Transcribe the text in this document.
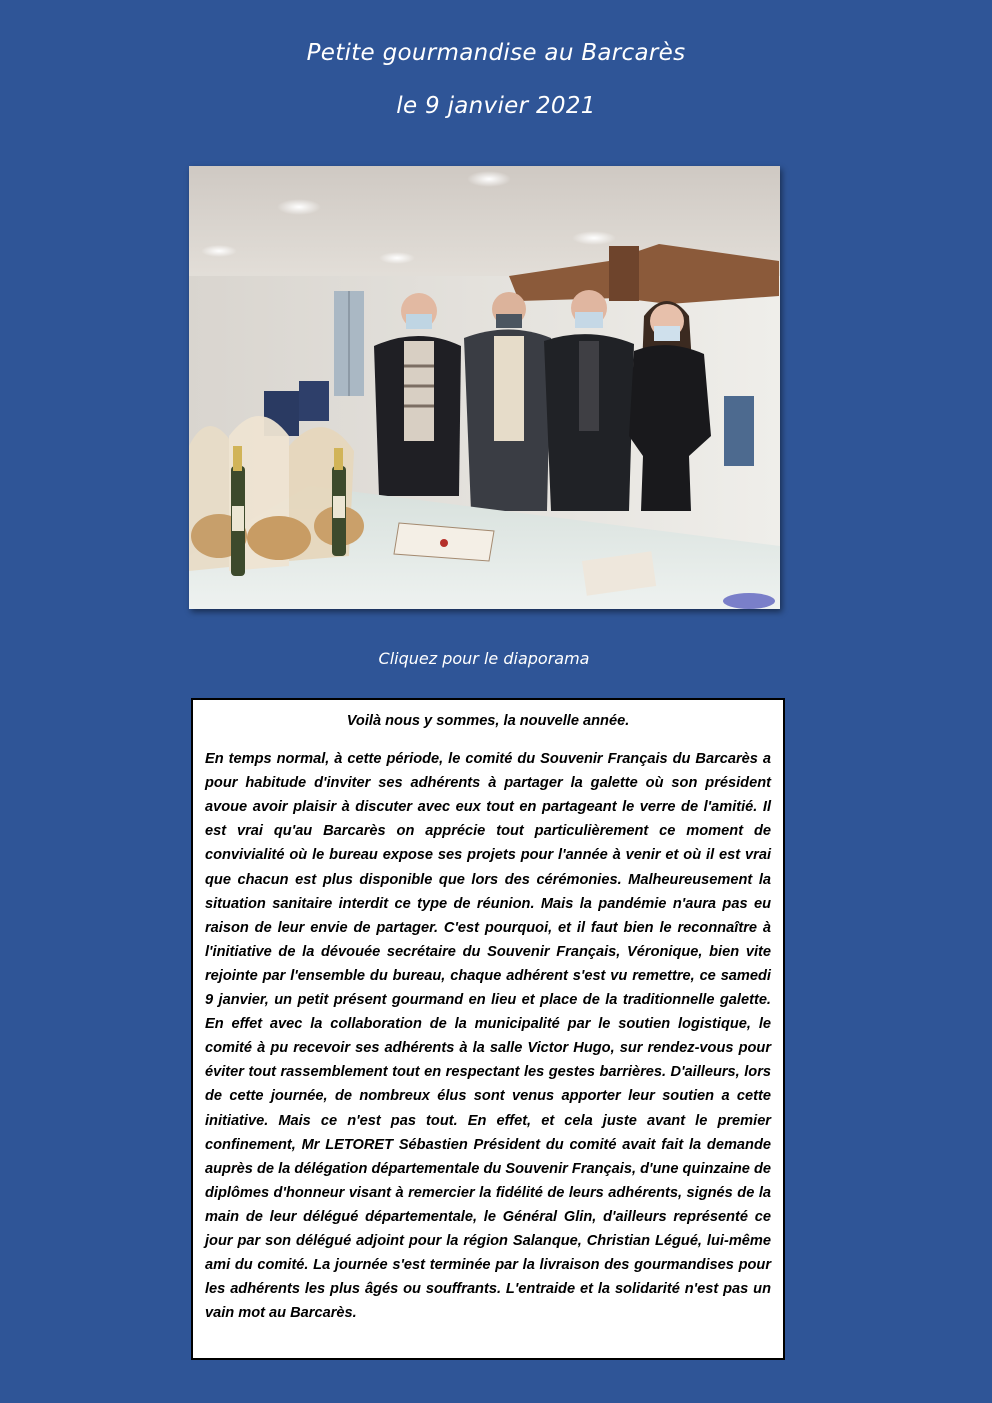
Petite gourmandise au Barcarès
le 9 janvier 2021
Cliquez pour le diaporama

Voilà nous y sommes, la nouvelle année.

En temps normal, à cette période, le comité du Souvenir Français du Barcarès a pour habitude d'inviter ses adhérents à partager la galette où son président avoue avoir plaisir à discuter avec eux tout en partageant le verre de l'amitié. Il est vrai qu'au Barcarès on apprécie tout particulièrement ce moment de convivialité où le bureau expose ses projets pour l'année à venir et où il est vrai que chacun est plus disponible que lors des cérémonies. Malheureusement la situation sanitaire interdit ce type de réunion. Mais la pandémie n'aura pas eu raison de leur envie de partager. C'est pourquoi, et il faut bien le reconnaître à l'initiative de la dévouée secrétaire du Souvenir Français, Véronique, bien vite rejointe par l'ensemble du bureau, chaque adhérent s'est vu remettre, ce samedi 9 janvier, un petit présent gourmand en lieu et place de la traditionnelle galette. En effet avec la collaboration de la municipalité par le soutien logistique, le comité à pu recevoir ses adhérents à la salle Victor Hugo, sur rendez-vous pour éviter tout rassemblement tout en respectant les gestes barrières. D'ailleurs, lors de cette journée, de nombreux élus sont venus apporter leur soutien a cette initiative. Mais ce n'est pas tout. En effet, et cela juste avant le premier confinement, Mr LETORET Sébastien Président du comité avait fait la demande auprès de la délégation départementale du Souvenir Français, d'une quinzaine de diplômes d'honneur visant à remercier la fidélité de leurs adhérents, signés de la main de leur délégué départementale, le Général Glin, d'ailleurs représenté ce jour par son délégué adjoint pour la région Salanque, Christian Légué, lui-même ami du comité. La journée s'est terminée par la livraison des gourmandises pour les adhérents les plus âgés ou souffrants. L'entraide et la solidarité n'est pas un vain mot au Barcarès.
